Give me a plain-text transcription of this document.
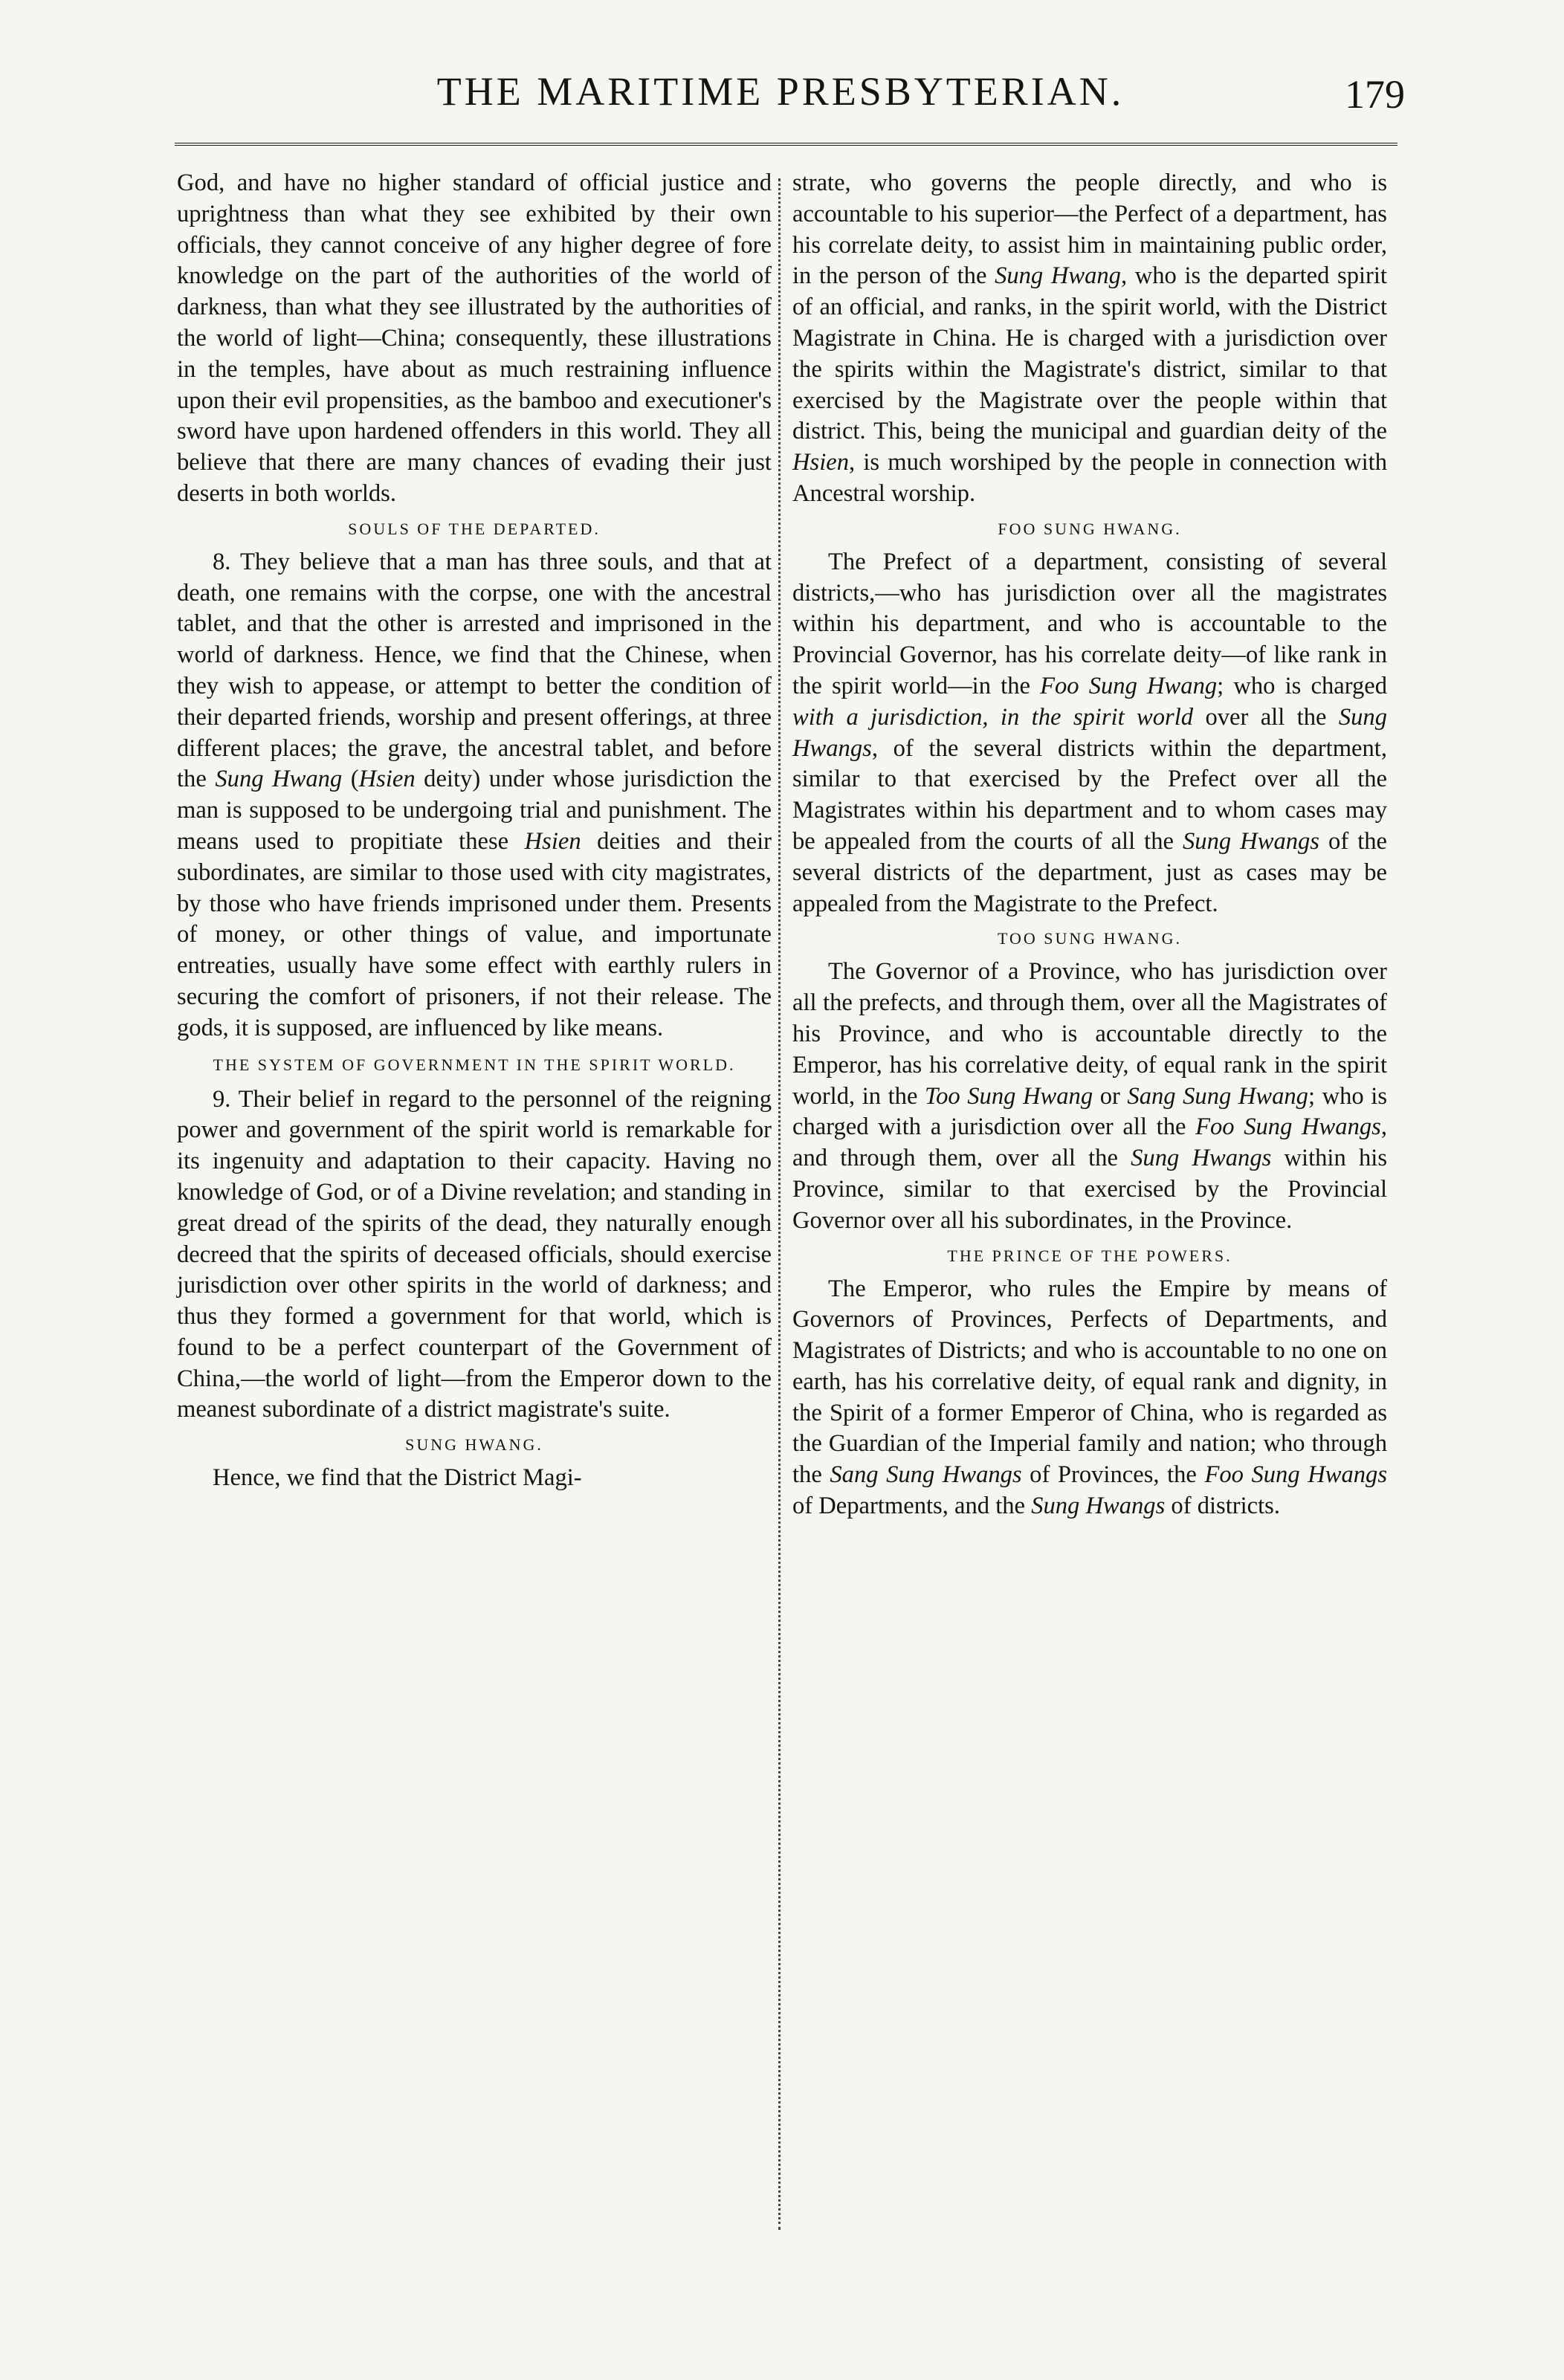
THE MARITIME PRESBYTERIAN.	179

God, and have no higher standard of official justice and uprightness than what they see exhibited by their own officials, they cannot conceive of any higher degree of fore knowledge on the part of the authorities of the world of darkness, than what they see illustrated by the authorities of the world of light—China; consequently, these illustrations in the temples, have about as much restraining influence upon their evil propensities, as the bamboo and executioner's sword have upon hardened offenders in this world. They all believe that there are many chances of evading their just deserts in both worlds.

SOULS OF THE DEPARTED.

8. They believe that a man has three souls, and that at death, one remains with the corpse, one with the ancestral tablet, and that the other is arrested and imprisoned in the world of darkness. Hence, we find that the Chinese, when they wish to appease, or attempt to better the condition of their departed friends, worship and present offerings, at three different places; the grave, the ancestral tablet, and before the Sung Hwang (Hsien deity) under whose jurisdiction the man is supposed to be undergoing trial and punishment. The means used to propitiate these Hsien deities and their subordinates, are similar to those used with city magistrates, by those who have friends imprisoned under them. Presents of money, or other things of value, and importunate entreaties, usually have some effect with earthly rulers in securing the comfort of prisoners, if not their release. The gods, it is supposed, are influenced by like means.

THE SYSTEM OF GOVERNMENT IN THE SPIRIT WORLD.

9. Their belief in regard to the personnel of the reigning power and government of the spirit world is remarkable for its ingenuity and adaptation to their capacity. Having no knowledge of God, or of a Divine revelation; and standing in great dread of the spirits of the dead, they naturally enough decreed that the spirits of deceased officials, should exercise jurisdiction over other spirits in the world of darkness; and thus they formed a government for that world, which is found to be a perfect counterpart of the Government of China,—the world of light—from the Emperor down to the meanest subordinate of a district magistrate's suite.

SUNG HWANG.

Hence, we find that the District Magi-

strate, who governs the people directly, and who is accountable to his superior—the Perfect of a department, has his correlate deity, to assist him in maintaining public order, in the person of the Sung Hwang, who is the departed spirit of an official, and ranks, in the spirit world, with the District Magistrate in China. He is charged with a jurisdiction over the spirits within the Magistrate's district, similar to that exercised by the Magistrate over the people within that district. This, being the municipal and guardian deity of the Hsien, is much worshiped by the people in connection with Ancestral worship.

FOO SUNG HWANG.

The Prefect of a department, consisting of several districts,—who has jurisdiction over all the magistrates within his department, and who is accountable to the Provincial Governor, has his correlate deity—of like rank in the spirit world—in the Foo Sung Hwang; who is charged with a jurisdiction, in the spirit world over all the Sung Hwangs, of the several districts within the department, similar to that exercised by the Prefect over all the Magistrates within his department and to whom cases may be appealed from the courts of all the Sung Hwangs of the several districts of the department, just as cases may be appealed from the Magistrate to the Prefect.

TOO SUNG HWANG.

The Governor of a Province, who has jurisdiction over all the prefects, and through them, over all the Magistrates of his Province, and who is accountable directly to the Emperor, has his correlative deity, of equal rank in the spirit world, in the Too Sung Hwang or Sang Sung Hwang; who is charged with a jurisdiction over all the Foo Sung Hwangs, and through them, over all the Sung Hwangs within his Province, similar to that exercised by the Provincial Governor over all his subordinates, in the Province.

THE PRINCE OF THE POWERS.

The Emperor, who rules the Empire by means of Governors of Provinces, Perfects of Departments, and Magistrates of Districts; and who is accountable to no one on earth, has his correlative deity, of equal rank and dignity, in the Spirit of a former Emperor of China, who is regarded as the Guardian of the Imperial family and nation; who through the Sang Sung Hwangs of Provinces, the Foo Sung Hwangs of Departments, and the Sung Hwangs of districts.
